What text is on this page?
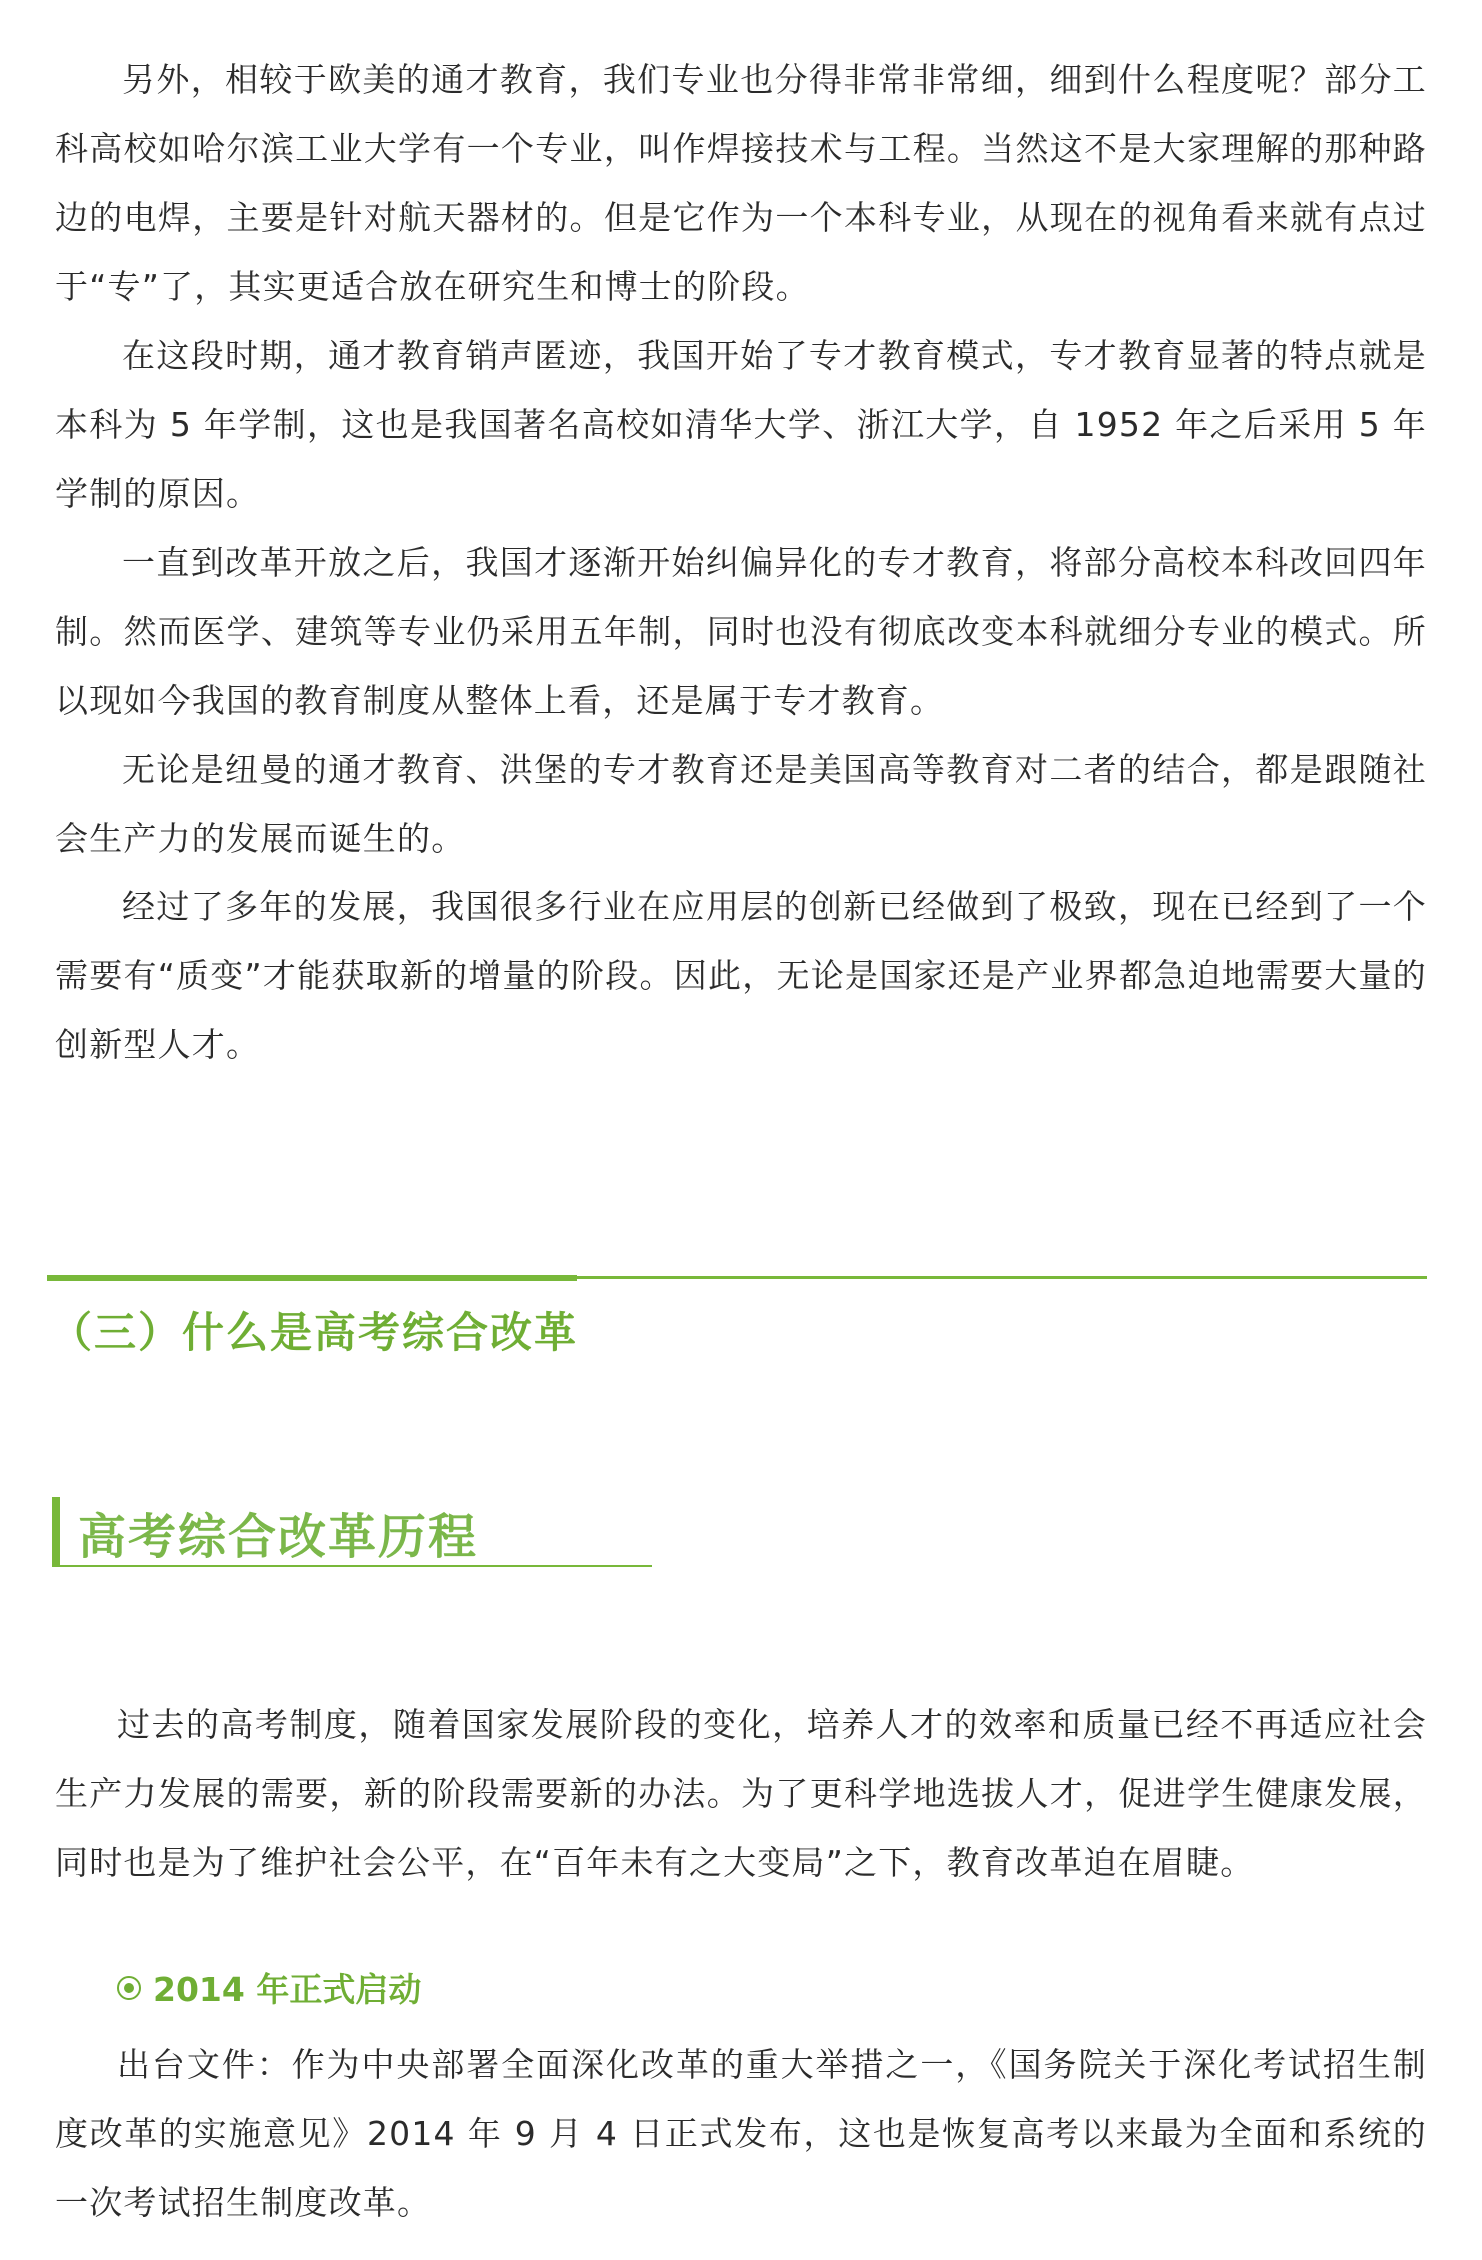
另外，相较于欧美的通才教育，我们专业也分得非常非常细，细到什么程度呢？部分工科高校如哈尔滨工业大学有一个专业，叫作焊接技术与工程。当然这不是大家理解的那种路边的电焊，主要是针对航天器材的。但是它作为一个本科专业，从现在的视角看来就有点过于“专”了，其实更适合放在研究生和博士的阶段。

在这段时期，通才教育销声匿迹，我国开始了专才教育模式，专才教育显著的特点就是本科为 5 年学制，这也是我国著名高校如清华大学、浙江大学，自 1952 年之后采用 5 年学制的原因。

一直到改革开放之后，我国才逐渐开始纠偏异化的专才教育，将部分高校本科改回四年制。然而医学、建筑等专业仍采用五年制，同时也没有彻底改变本科就细分专业的模式。所以现如今我国的教育制度从整体上看，还是属于专才教育。

无论是纽曼的通才教育、洪堡的专才教育还是美国高等教育对二者的结合，都是跟随社会生产力的发展而诞生的。

经过了多年的发展，我国很多行业在应用层的创新已经做到了极致，现在已经到了一个需要有“质变”才能获取新的增量的阶段。因此，无论是国家还是产业界都急迫地需要大量的创新型人才。

（三）什么是高考综合改革
高考综合改革历程

过去的高考制度，随着国家发展阶段的变化，培养人才的效率和质量已经不再适应社会生产力发展的需要，新的阶段需要新的办法。为了更科学地选拔人才，促进学生健康发展，同时也是为了维护社会公平，在“百年未有之大变局”之下，教育改革迫在眉睫。

2014 年正式启动

出台文件：作为中央部署全面深化改革的重大举措之一，《国务院关于深化考试招生制度改革的实施意见》2014 年 9 月 4 日正式发布，这也是恢复高考以来最为全面和系统的一次考试招生制度改革。
